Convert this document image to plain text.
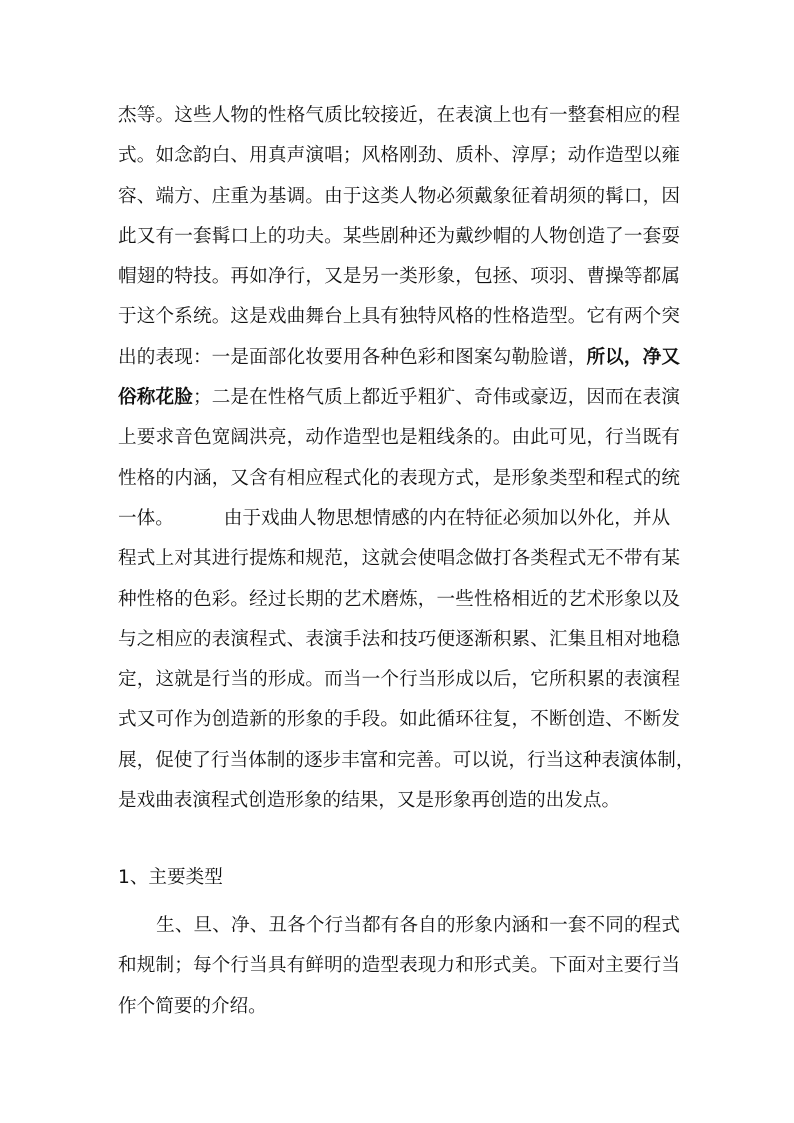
杰等。这些人物的性格气质比较接近，在表演上也有一整套相应的程
式。如念韵白、用真声演唱；风格刚劲、质朴、淳厚；动作造型以雍
容、端方、庄重为基调。由于这类人物必须戴象征着胡须的髯口，因
此又有一套髯口上的功夫。某些剧种还为戴纱帽的人物创造了一套耍
帽翅的特技。再如净行，又是另一类形象，包拯、项羽、曹操等都属
于这个系统。这是戏曲舞台上具有独特风格的性格造型。它有两个突
出的表现：一是面部化妆要用各种色彩和图案勾勒脸谱，所以，净又
俗称花脸；二是在性格气质上都近乎粗犷、奇伟或豪迈，因而在表演
上要求音色宽阔洪亮，动作造型也是粗线条的。由此可见，行当既有
性格的内涵，又含有相应程式化的表现方式，是形象类型和程式的统
一体。	由于戏曲人物思想情感的内在特征必须加以外化，并从
程式上对其进行提炼和规范，这就会使唱念做打各类程式无不带有某
种性格的色彩。经过长期的艺术磨炼，一些性格相近的艺术形象以及
与之相应的表演程式、表演手法和技巧便逐渐积累、汇集且相对地稳
定，这就是行当的形成。而当一个行当形成以后，它所积累的表演程
式又可作为创造新的形象的手段。如此循环往复，不断创造、不断发
展，促使了行当体制的逐步丰富和完善。可以说，行当这种表演体制，
是戏曲表演程式创造形象的结果，又是形象再创造的出发点。
1、主要类型
生、旦、净、丑各个行当都有各自的形象内涵和一套不同的程式
和规制；每个行当具有鲜明的造型表现力和形式美。下面对主要行当
作个简要的介绍。
